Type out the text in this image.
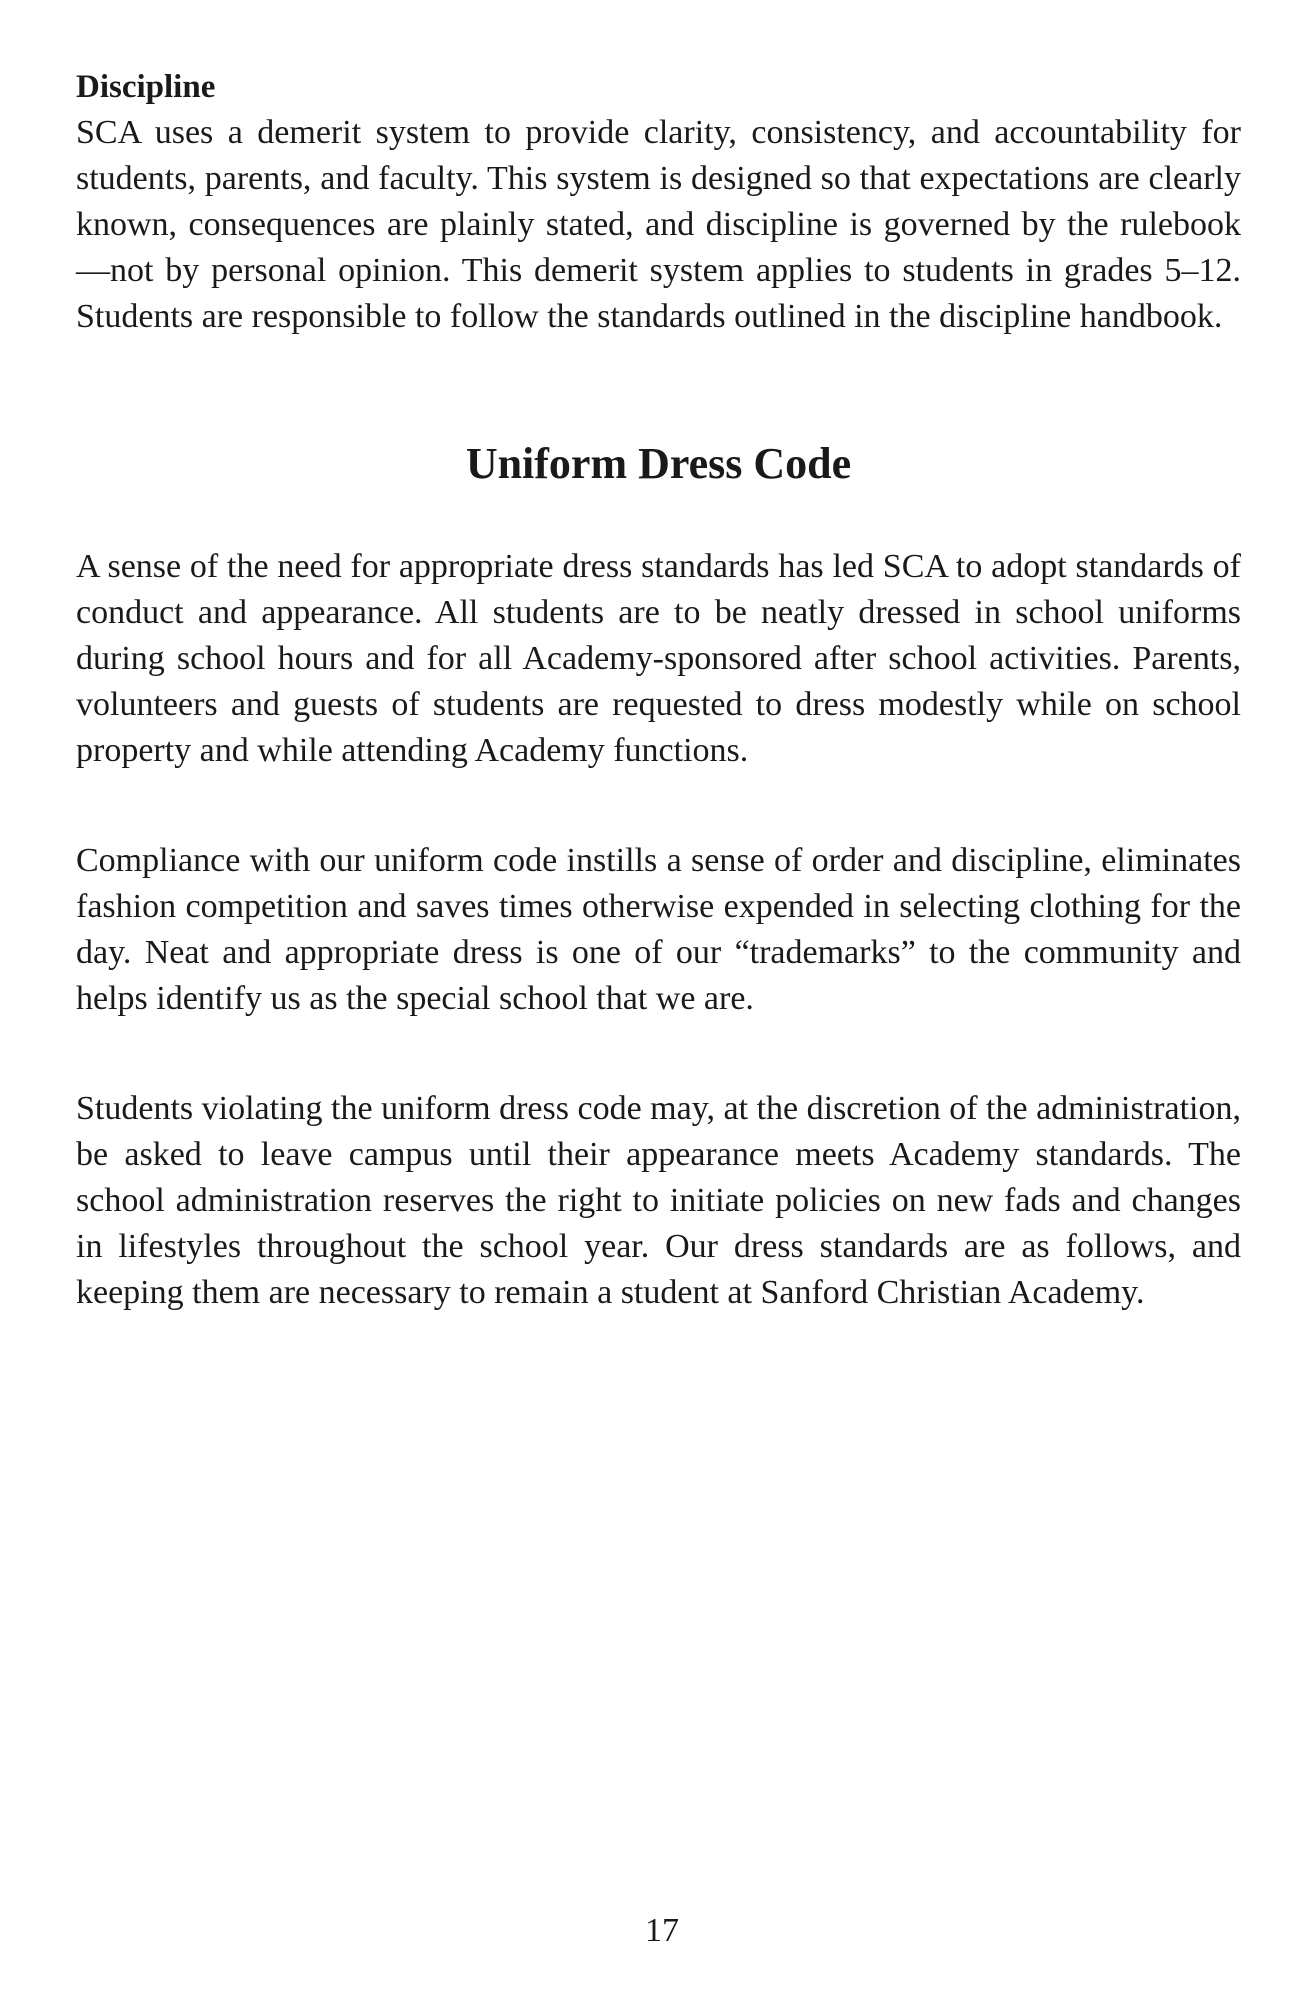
Discipline

SCA uses a demerit system to provide clarity, consistency, and accountability for students, parents, and faculty. This system is designed so that expectations are clearly known, consequences are plainly stated, and discipline is governed by the rulebook—not by personal opinion. This demerit system applies to students in grades 5–12. Students are responsible to follow the standards outlined in the discipline handbook.

Uniform Dress Code

A sense of the need for appropriate dress standards has led SCA to adopt standards of conduct and appearance. All students are to be neatly dressed in school uniforms during school hours and for all Academy-sponsored after school activities. Parents, volunteers and guests of students are requested to dress modestly while on school property and while attending Academy functions.

Compliance with our uniform code instills a sense of order and discipline, eliminates fashion competition and saves times otherwise expended in selecting clothing for the day. Neat and appropriate dress is one of our “trademarks” to the community and helps identify us as the special school that we are.

Students violating the uniform dress code may, at the discretion of the administration, be asked to leave campus until their appearance meets Academy standards. The school administration reserves the right to initiate policies on new fads and changes in lifestyles throughout the school year. Our dress standards are as follows, and keeping them are necessary to remain a student at Sanford Christian Academy.

17
